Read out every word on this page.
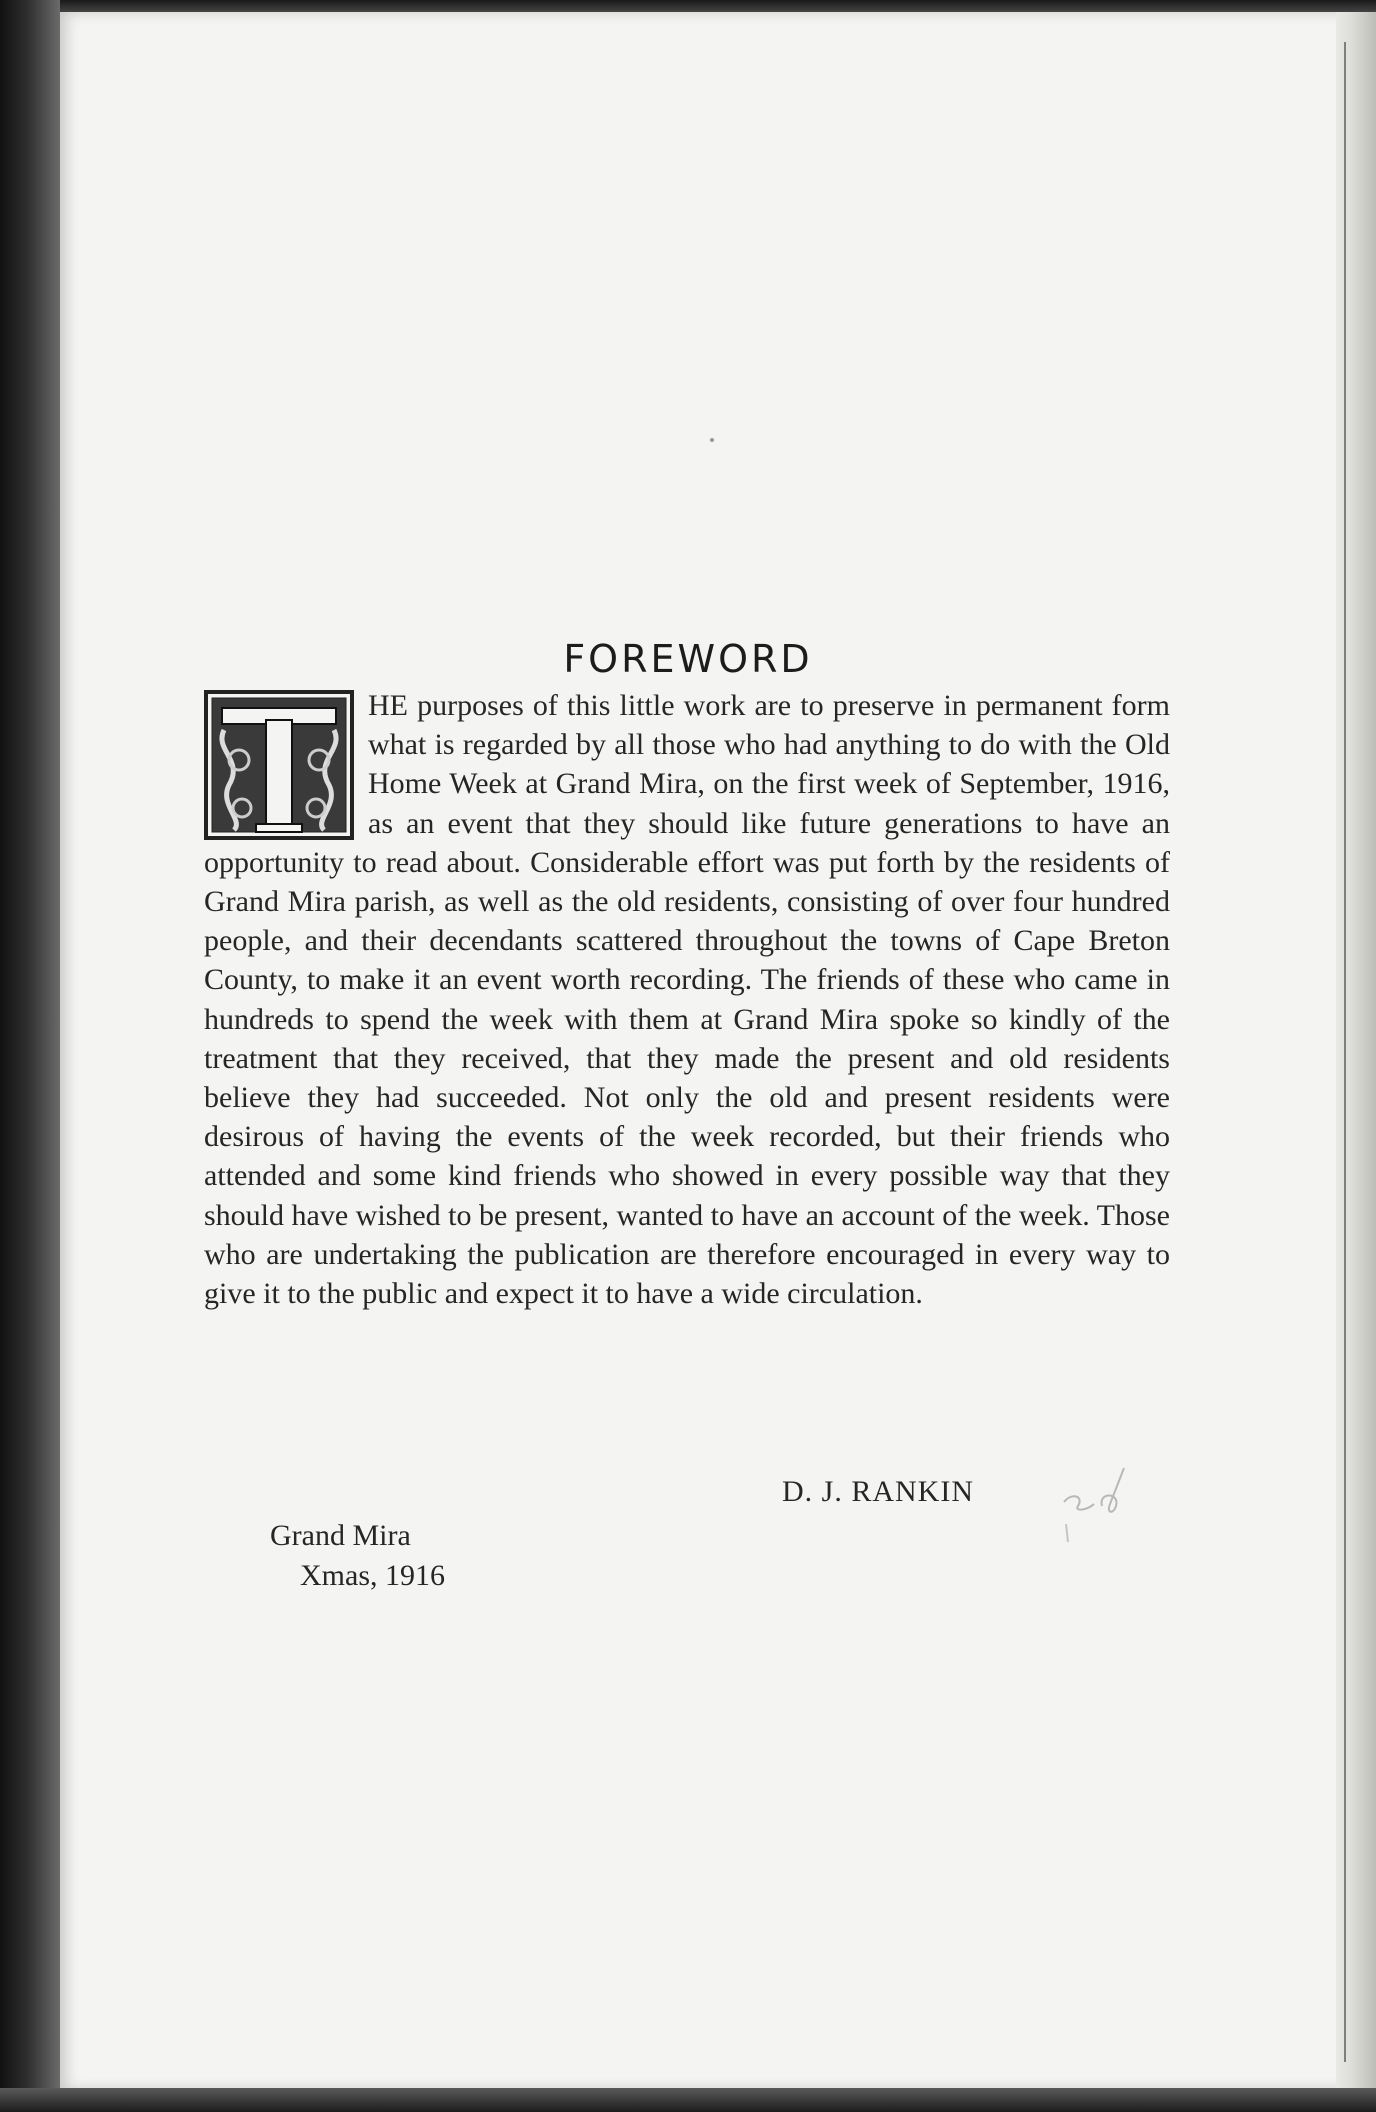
FOREWORD
HE purposes of this little work are to preserve in permanent form what is regarded by all those who had anything to do with the Old Home Week at Grand Mira, on the first week of September, 1916, as an event that they should like future generations to have an opportunity to read about. Considerable effort was put forth by the residents of Grand Mira parish, as well as the old residents, consisting of over four hundred people, and their decendants scattered throughout the towns of Cape Breton County, to make it an event worth recording. The friends of these who came in hundreds to spend the week with them at Grand Mira spoke so kindly of the treatment that they received, that they made the present and old residents believe they had succeeded. Not only the old and present residents were desirous of having the events of the week recorded, but their friends who attended and some kind friends who showed in every possible way that they should have wished to be present, wanted to have an account of the week. Those who are undertaking the publication are therefore encouraged in every way to give it to the public and expect it to have a wide circulation.
D. J. RANKIN
Grand Mira
Xmas, 1916
